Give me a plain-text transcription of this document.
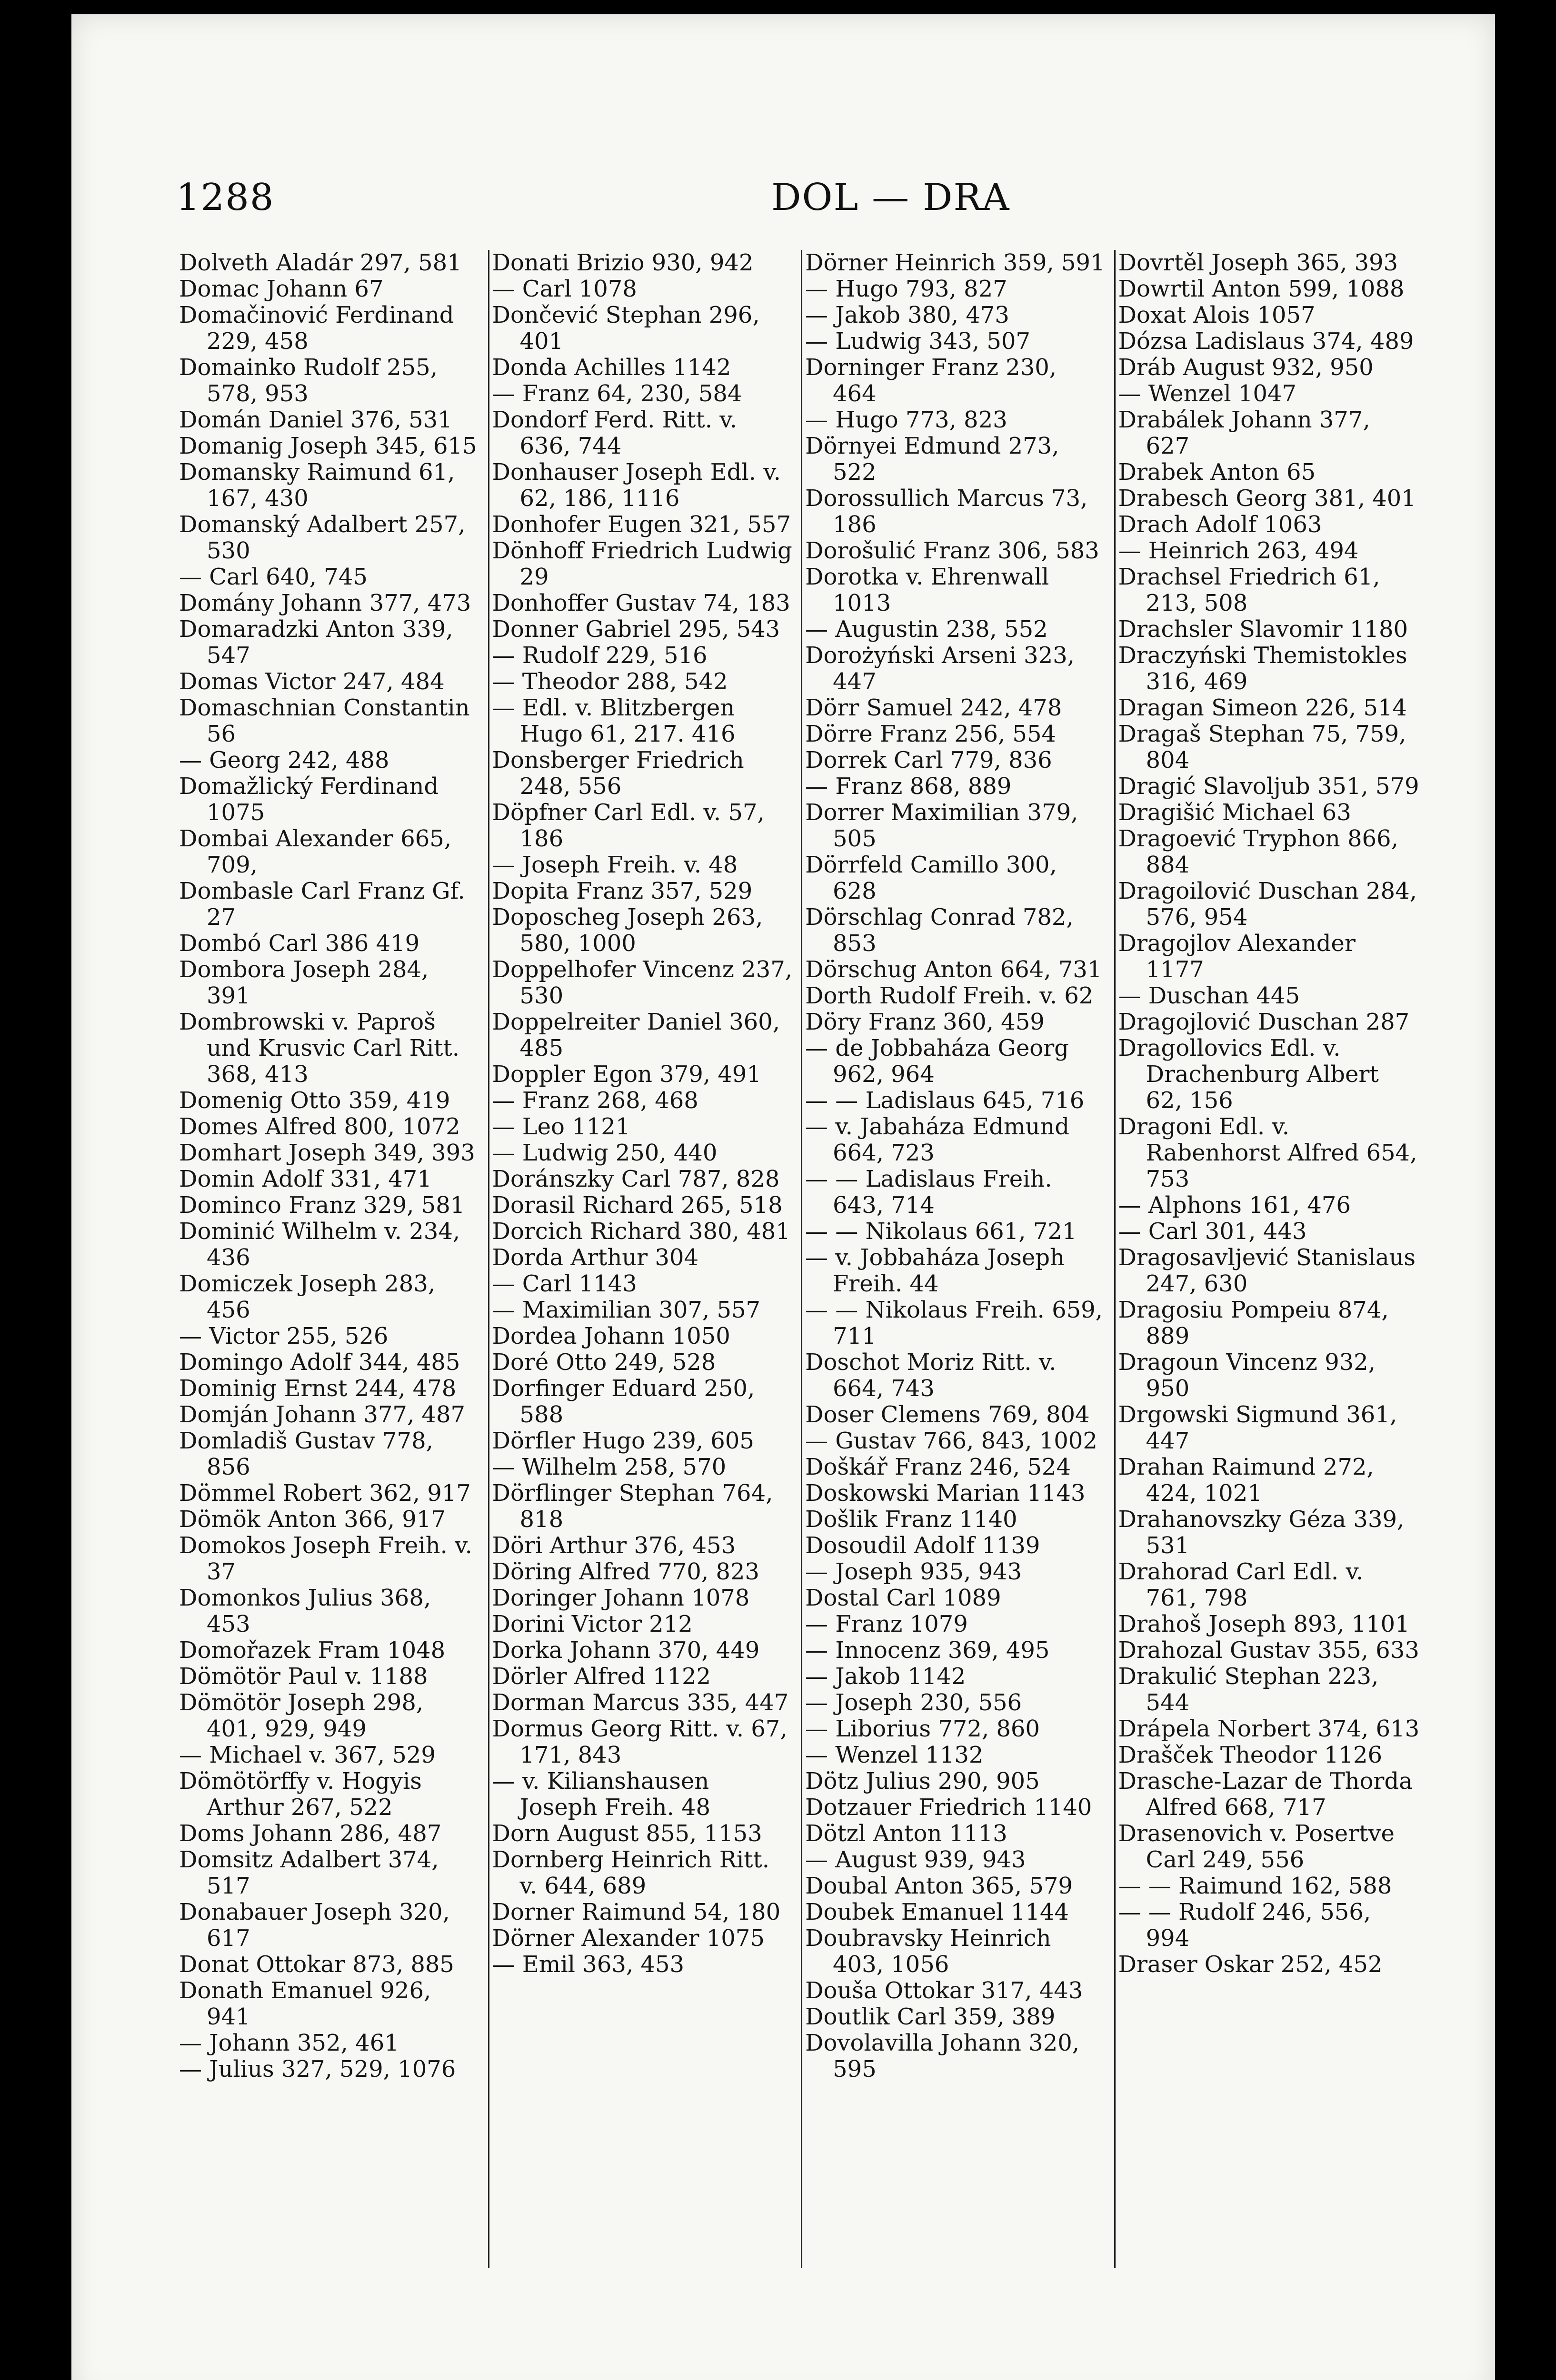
1288	DOL — DRA
Dolveth Aladár 297, 581
Domac Johann 67
Domačinović Ferdinand 229, 458
Domainko Rudolf 255, 578, 953
Domán Daniel 376, 531
Domanig Joseph 345, 615
Domansky Raimund 61, 167, 430
Domanský Adalbert 257, 530
— Carl 640, 745
Domány Johann 377, 473
Domaradzki Anton 339, 547
Domas Victor 247, 484
Domaschnian Constantin 56
— Georg 242, 488
Domažlický Ferdinand 1075
Dombai Alexander 665, 709,
Dombasle Carl Franz Gf. 27
Dombó Carl 386 419
Dombora Joseph 284, 391
Dombrowski v. Paproš und Krusvic Carl Ritt. 368, 413
Domenig Otto 359, 419
Domes Alfred 800, 1072
Domhart Joseph 349, 393
Domin Adolf 331, 471
Dominco Franz 329, 581
Dominić Wilhelm v. 234, 436
Domiczek Joseph 283, 456
— Victor 255, 526
Domingo Adolf 344, 485
Dominig Ernst 244, 478
Domján Johann 377, 487
Domladiš Gustav 778, 856
Dömmel Robert 362, 917
Dömök Anton 366, 917
Domokos Joseph Freih. v. 37
Domonkos Julius 368, 453
Domořazek Fram 1048
Dömötör Paul v. 1188
Dömötör Joseph 298, 401, 929, 949
— Michael v. 367, 529
Dömötörffy v. Hogyis Arthur 267, 522
Doms Johann 286, 487
Domsitz Adalbert 374, 517
Donabauer Joseph 320, 617
Donat Ottokar 873, 885
Donath Emanuel 926, 941
— Johann 352, 461
— Julius 327, 529, 1076
Donati Brizio 930, 942
— Carl 1078
Dončević Stephan 296, 401
Donda Achilles 1142
— Franz 64, 230, 584
Dondorf Ferd. Ritt. v. 636, 744
Donhauser Joseph Edl. v. 62, 186, 1116
Donhofer Eugen 321, 557
Dönhoff Friedrich Ludwig 29
Donhoffer Gustav 74, 183
Donner Gabriel 295, 543
— Rudolf 229, 516
— Theodor 288, 542
— Edl. v. Blitzbergen Hugo 61, 217. 416
Donsberger Friedrich 248, 556
Döpfner Carl Edl. v. 57, 186
— Joseph Freih. v. 48
Dopita Franz 357, 529
Doposcheg Joseph 263, 580, 1000
Doppelhofer Vincenz 237, 530
Doppelreiter Daniel 360, 485
Doppler Egon 379, 491
— Franz 268, 468
— Leo 1121
— Ludwig 250, 440
Doránszky Carl 787, 828
Dorasil Richard 265, 518
Dorcich Richard 380, 481
Dorda Arthur 304
— Carl 1143
— Maximilian 307, 557
Dordea Johann 1050
Doré Otto 249, 528
Dorfinger Eduard 250, 588
Dörfler Hugo 239, 605
— Wilhelm 258, 570
Dörflinger Stephan 764, 818
Döri Arthur 376, 453
Döring Alfred 770, 823
Doringer Johann 1078
Dorini Victor 212
Dorka Johann 370, 449
Dörler Alfred 1122
Dorman Marcus 335, 447
Dormus Georg Ritt. v. 67, 171, 843
— v. Kilianshausen Joseph Freih. 48
Dorn August 855, 1153
Dornberg Heinrich Ritt. v. 644, 689
Dorner Raimund 54, 180
Dörner Alexander 1075
— Emil 363, 453
Dörner Heinrich 359, 591
— Hugo 793, 827
— Jakob 380, 473
— Ludwig 343, 507
Dorninger Franz 230, 464
— Hugo 773, 823
Dörnyei Edmund 273, 522
Dorossullich Marcus 73, 186
Dorošulić Franz 306, 583
Dorotka v. Ehrenwall 1013
— Augustin 238, 552
Dorożyński Arseni 323, 447
Dörr Samuel 242, 478
Dörre Franz 256, 554
Dorrek Carl 779, 836
— Franz 868, 889
Dorrer Maximilian 379, 505
Dörrfeld Camillo 300, 628
Dörschlag Conrad 782, 853
Dörschug Anton 664, 731
Dorth Rudolf Freih. v. 62
Döry Franz 360, 459
— de Jobbaháza Georg 962, 964
— — Ladislaus 645, 716
— v. Jabaháza Edmund 664, 723
— — Ladislaus Freih. 643, 714
— — Nikolaus 661, 721
— v. Jobbaháza Joseph Freih. 44
— — Nikolaus Freih. 659, 711
Doschot Moriz Ritt. v. 664, 743
Doser Clemens 769, 804
— Gustav 766, 843, 1002
Doškář Franz 246, 524
Doskowski Marian 1143
Došlik Franz 1140
Dosoudil Adolf 1139
— Joseph 935, 943
Dostal Carl 1089
— Franz 1079
— Innocenz 369, 495
— Jakob 1142
— Joseph 230, 556
— Liborius 772, 860
— Wenzel 1132
Dötz Julius 290, 905
Dotzauer Friedrich 1140
Dötzl Anton 1113
— August 939, 943
Doubal Anton 365, 579
Doubek Emanuel 1144
Doubravsky Heinrich 403, 1056
Douša Ottokar 317, 443
Doutlik Carl 359, 389
Dovolavilla Johann 320, 595
Dovrtěl Joseph 365, 393
Dowrtil Anton 599, 1088
Doxat Alois 1057
Dózsa Ladislaus 374, 489
Dráb August 932, 950
— Wenzel 1047
Drabálek Johann 377, 627
Drabek Anton 65
Drabesch Georg 381, 401
Drach Adolf 1063
— Heinrich 263, 494
Drachsel Friedrich 61, 213, 508
Drachsler Slavomir 1180
Draczyński Themistokles 316, 469
Dragan Simeon 226, 514
Dragaš Stephan 75, 759, 804
Dragić Slavoljub 351, 579
Dragišić Michael 63
Dragoević Tryphon 866, 884
Dragoilović Duschan 284, 576, 954
Dragojlov Alexander 1177
— Duschan 445
Dragojlović Duschan 287
Dragollovics Edl. v. Drachenburg Albert 62, 156
Dragoni Edl. v. Rabenhorst Alfred 654, 753
— Alphons 161, 476
— Carl 301, 443
Dragosavljević Stanislaus 247, 630
Dragosiu Pompeiu 874, 889
Dragoun Vincenz 932, 950
Drgowski Sigmund 361, 447
Drahan Raimund 272, 424, 1021
Drahanovszky Géza 339, 531
Drahorad Carl Edl. v. 761, 798
Drahoš Joseph 893, 1101
Drahozal Gustav 355, 633
Drakulić Stephan 223, 544
Drápela Norbert 374, 613
Drašček Theodor 1126
Drasche-Lazar de Thorda Alfred 668, 717
Drasenovich v. Posertve Carl 249, 556
— — Raimund 162, 588
— — Rudolf 246, 556, 994
Draser Oskar 252, 452
